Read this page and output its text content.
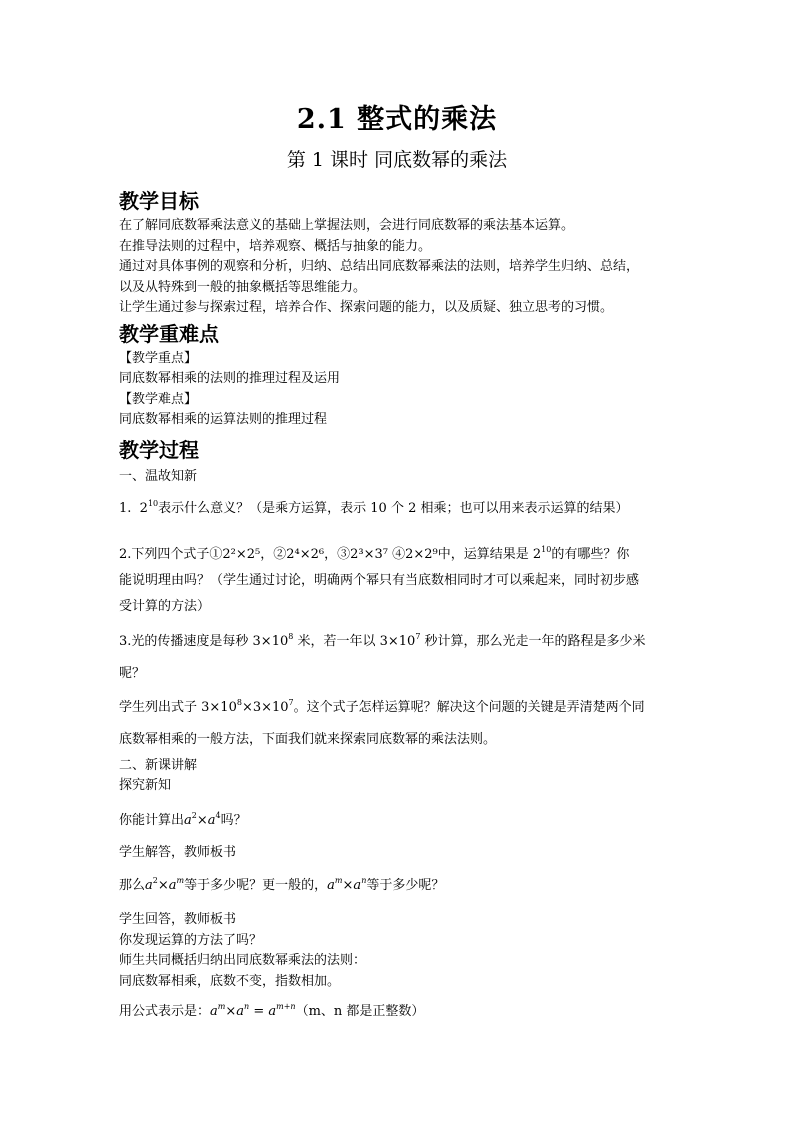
2.1 整式的乘法
第 1 课时 同底数幂的乘法
教学目标

在了解同底数幂乘法意义的基础上掌握法则，会进行同底数幂的乘法基本运算。

在推导法则的过程中，培养观察、概括与抽象的能力。

通过对具体事例的观察和分析，归纳、总结出同底数幂乘法的法则，培养学生归纳、总结，

以及从特殊到一般的抽象概括等思维能力。

让学生通过参与探索过程，培养合作、探索问题的能力，以及质疑、独立思考的习惯。

教学重难点

【教学重点】

同底数幂相乘的法则的推理过程及运用

【教学难点】

同底数幂相乘的运算法则的推理过程

教学过程

一、温故知新

1. $2^{10}$表示什么意义？（是乘方运算，表示 10 个 2 相乘；也可以用来表示运算的结果）

2.下列四个式子①2²×2⁵，②2⁴×2⁶，③2³×3⁷ ④2×2⁹中，运算结果是 $2^{10}$的有哪些？你
能说明理由吗？（学生通过讨论，明确两个幂只有当底数相同时才可以乘起来，同时初步感
受计算的方法）

3.光的传播速度是每秒 $3\times 10^8$ 米，若一年以 $3\times 10^7$ 秒计算，那么光走一年的路程是多少米
呢？

学生列出式子 $3\times 10^8\times 3\times 10^7$。这个式子怎样运算呢？解决这个问题的关键是弄清楚两个同
底数幂相乘的一般方法，下面我们就来探索同底数幂的乘法法则。

二、新课讲解

探究新知

你能计算出$a^2\times a^4$吗？

学生解答，教师板书

那么$a^2\times a^m$等于多少呢？更一般的，$a^m\times a^n$等于多少呢？

学生回答，教师板书

你发现运算的方法了吗？

师生共同概括归纳出同底数幂乘法的法则：

同底数幂相乘，底数不变，指数相加。

用公式表示是：$a^m\times a^n = a^{m+n}(m$、n 都是正整数）
